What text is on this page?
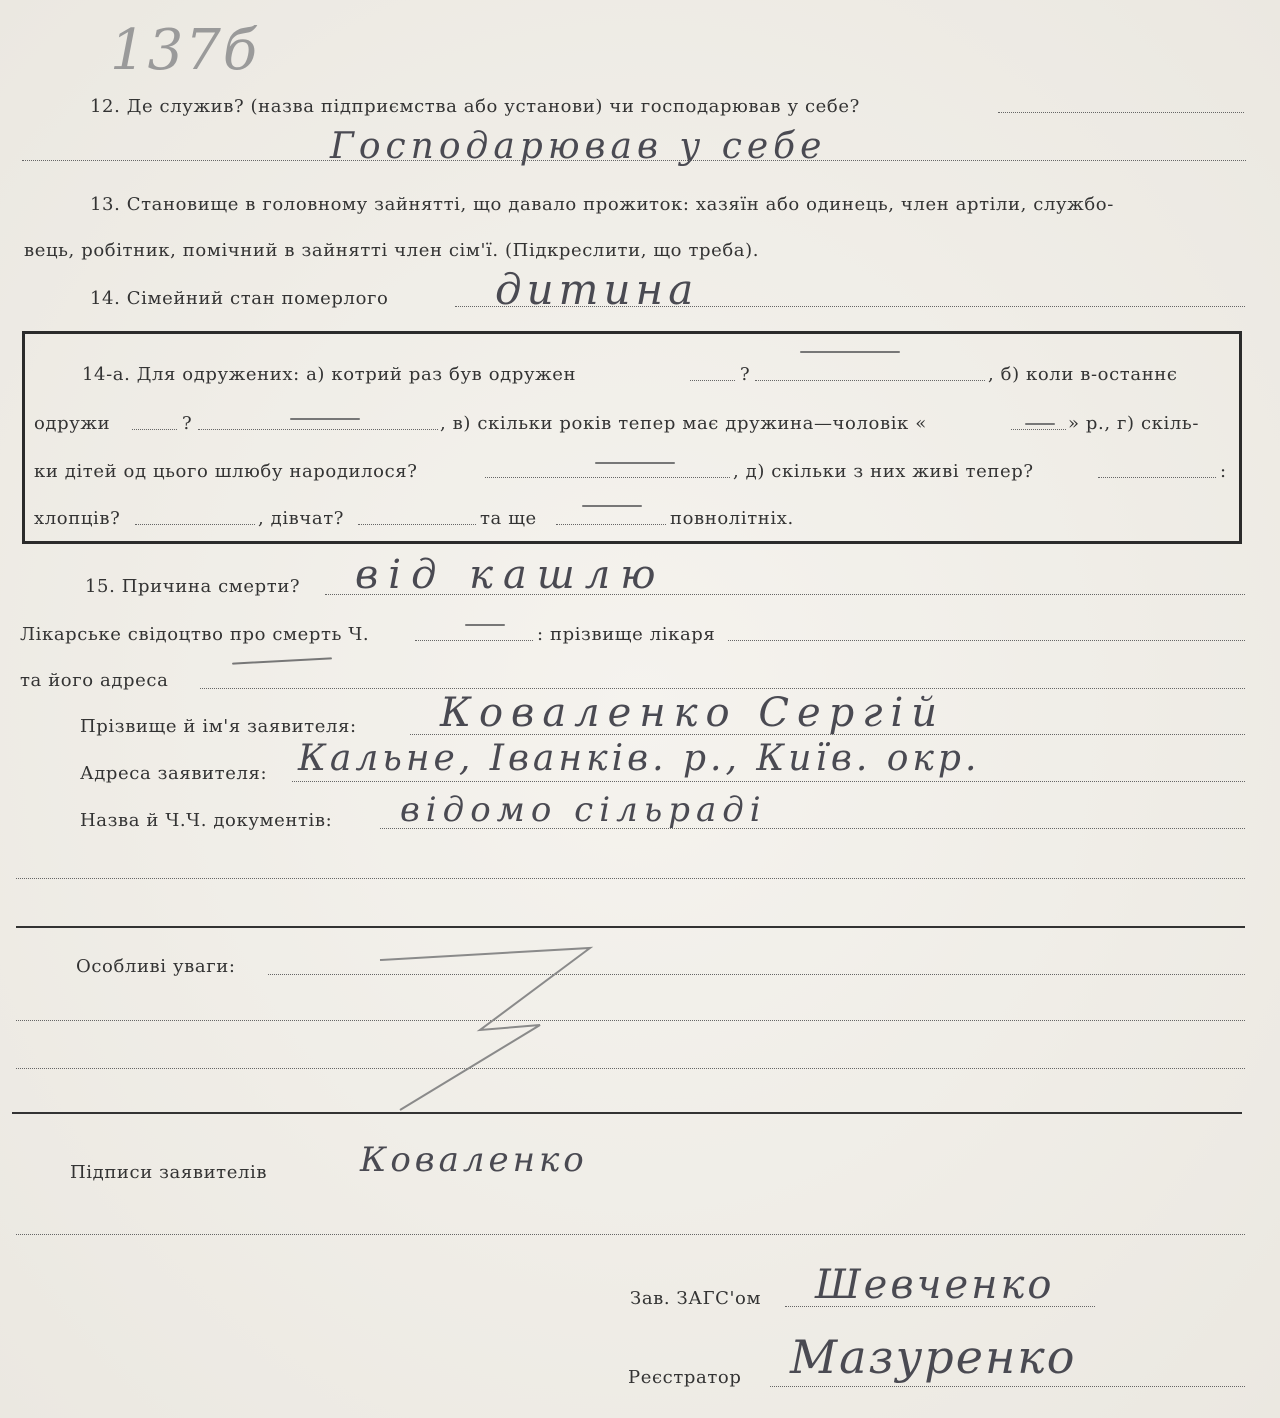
137б
12. Де служив? (назва підприємства або установи) чи господарював у себе?
Господарював у себе
13. Становище в головному зайнятті, що давало прожиток: хазяїн або одинець, член артіли, службо-
вець, робітник, помічний в зайнятті член сім'ї. (Підкреслити, що треба).
14. Сімейний стан померлого	дитина
14-а. Для одружених: а) котрий раз був одружен	?	, б) коли в-останнє
одружи	?	, в) скільки років тепер має дружина—чоловік «	» р., г) скіль-
ки дітей од цього шлюбу народилося?	, д) скільки з них живі тепер?	:
хлопців?	, дівчат?	та ще	повнолітніх.
15. Причина смерти? від кашлю
Лікарське свідоцтво про смерть Ч.	: прізвище лікаря
та його адреса
Прізвище й ім'я заявителя: Коваленко Сергій
Адреса заявителя: Кальне, Іванків. р., Київ. окр.
Назва й Ч.Ч. документів: відомо сільраді
Особливі уваги:
Підписи заявителів	Коваленко
Зав. ЗАГС'ом Шевченко
Реєстратор Мазуренко
